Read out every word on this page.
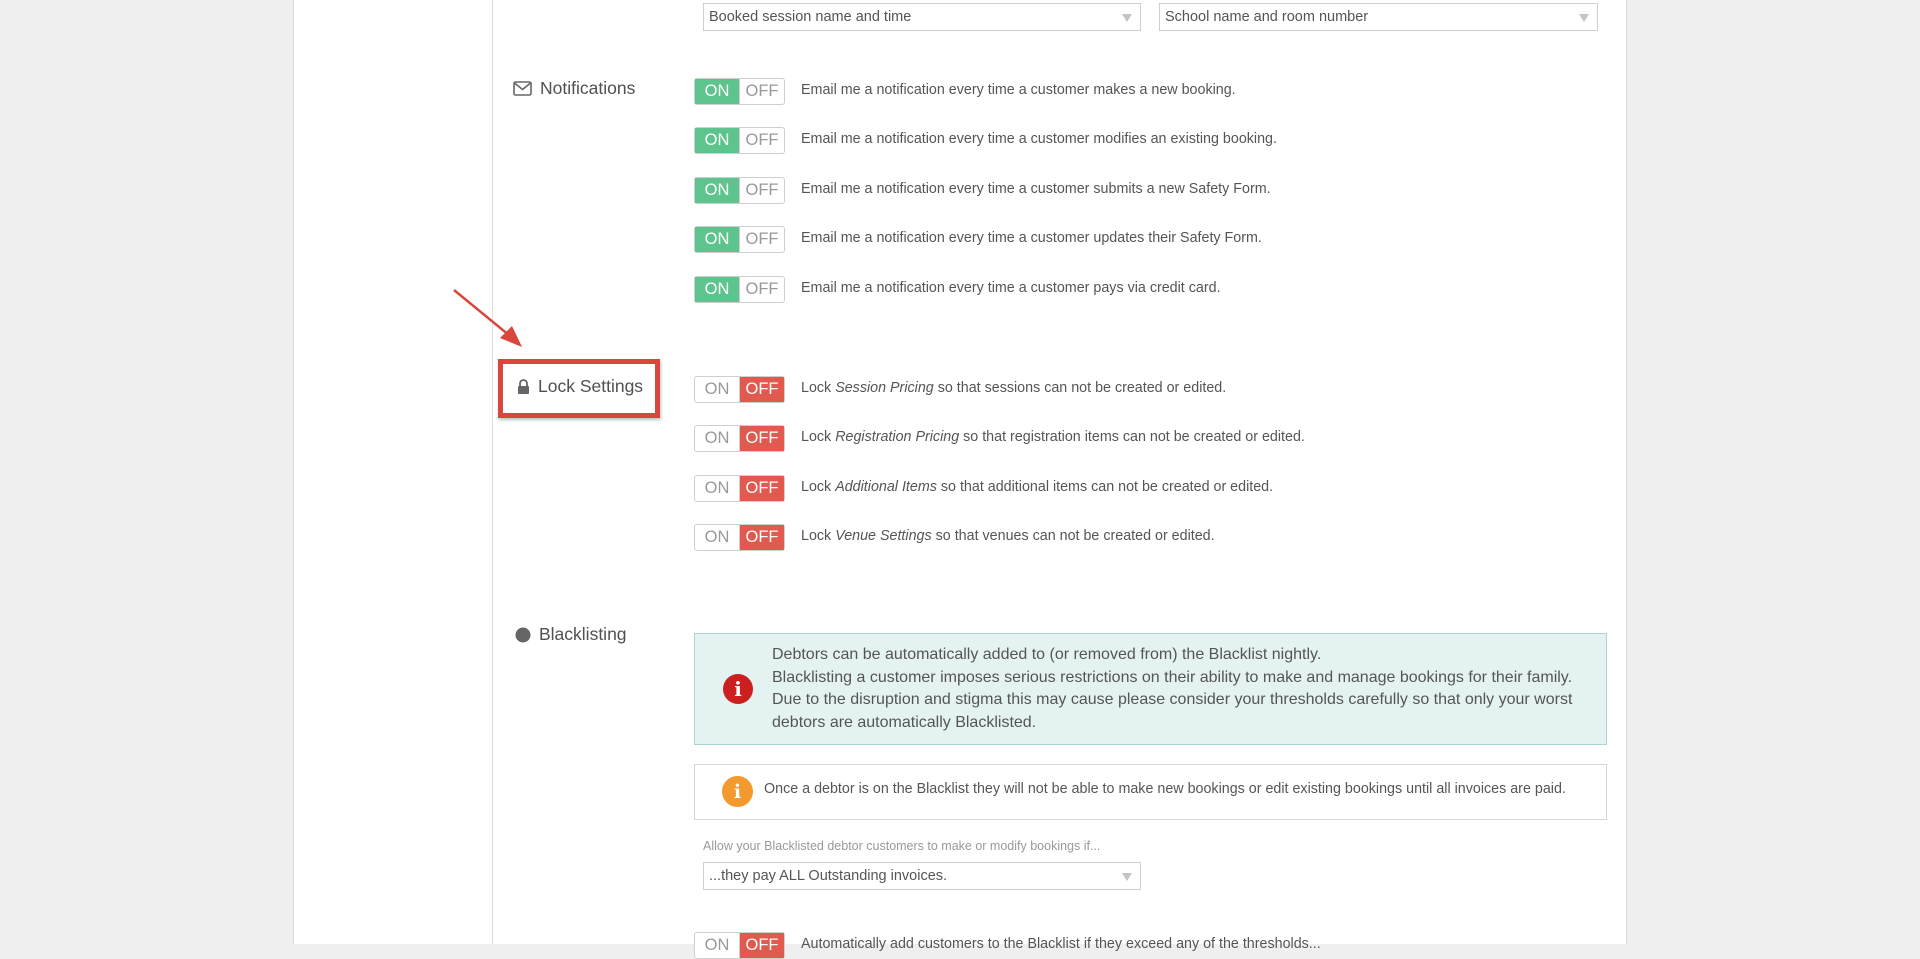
Booked session name and time	School name and room number
Notifications	ON OFF	Email me a notification every time a customer makes a new booking.
ON OFF	Email me a notification every time a customer modifies an existing booking.
ON OFF	Email me a notification every time a customer submits a new Safety Form.
ON OFF	Email me a notification every time a customer updates their Safety Form.
ON OFF	Email me a notification every time a customer pays via credit card.
Lock Settings	ON OFF	Lock Session Pricing so that sessions can not be created or edited.
ON OFF	Lock Registration Pricing so that registration items can not be created or edited.
ON OFF	Lock Additional Items so that additional items can not be created or edited.
ON OFF	Lock Venue Settings so that venues can not be created or edited.
Blacklisting
i
Debtors can be automatically added to (or removed from) the Blacklist nightly.
Blacklisting a customer imposes serious restrictions on their ability to make and manage bookings for their family.
Due to the disruption and stigma this may cause please consider your thresholds carefully so that only your worst
debtors are automatically Blacklisted.
i Once a debtor is on the Blacklist they will not be able to make new bookings or edit existing bookings until all invoices are paid.
Allow your Blacklisted debtor customers to make or modify bookings if...
...they pay ALL Outstanding invoices.
ON OFF	Automatically add customers to the Blacklist if they exceed any of the thresholds...
